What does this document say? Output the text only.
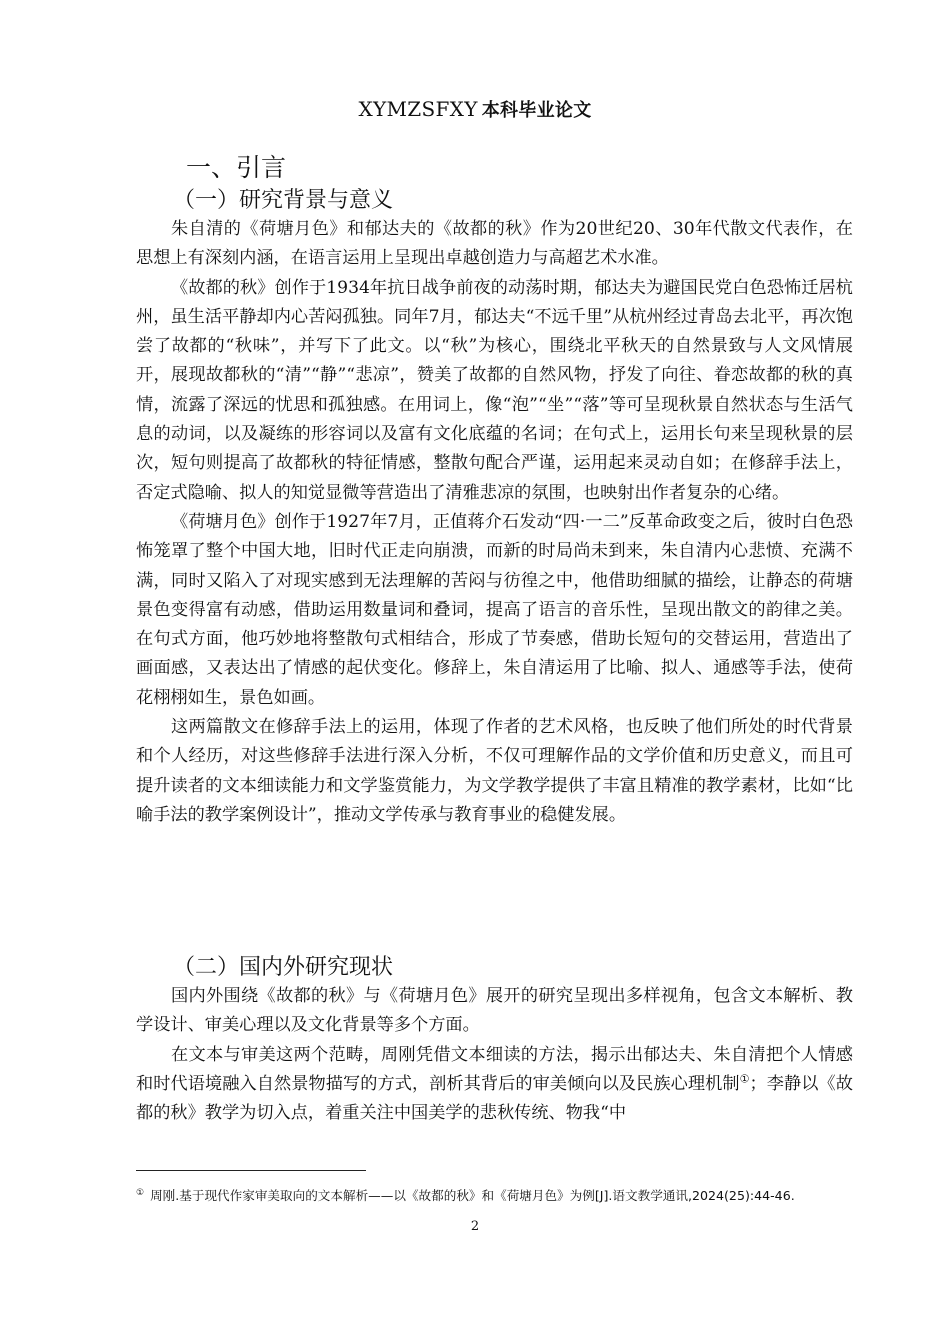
XYMZSFXY 本科毕业论文
一、引言
（一）研究背景与意义

朱自清的《荷塘月色》和郁达夫的《故都的秋》作为20世纪20、30年代散文代表作，在思想上有深刻内涵，在语言运用上呈现出卓越创造力与高超艺术水准。

《故都的秋》创作于1934年抗日战争前夜的动荡时期，郁达夫为避国民党白色恐怖迁居杭州，虽生活平静却内心苦闷孤独。同年7月，郁达夫“不远千里”从杭州经过青岛去北平，再次饱尝了故都的“秋味”，并写下了此文。以“秋”为核心，围绕北平秋天的自然景致与人文风情展开，展现故都秋的“清”“静”“悲凉”，赞美了故都的自然风物，抒发了向往、眷恋故都的秋的真情，流露了深远的忧思和孤独感。在用词上，像“泡”“坐”“落”等可呈现秋景自然状态与生活气息的动词，以及凝练的形容词以及富有文化底蕴的名词；在句式上，运用长句来呈现秋景的层次，短句则提高了故都秋的特征情感，整散句配合严谨，运用起来灵动自如；在修辞手法上，否定式隐喻、拟人的知觉显微等营造出了清雅悲凉的氛围，也映射出作者复杂的心绪。

《荷塘月色》创作于1927年7月，正值蒋介石发动“四·一二”反革命政变之后，彼时白色恐怖笼罩了整个中国大地，旧时代正走向崩溃，而新的时局尚未到来，朱自清内心悲愤、充满不满，同时又陷入了对现实感到无法理解的苦闷与彷徨之中，他借助细腻的描绘，让静态的荷塘景色变得富有动感，借助运用数量词和叠词，提高了语言的音乐性，呈现出散文的韵律之美。在句式方面，他巧妙地将整散句式相结合，形成了节奏感，借助长短句的交替运用，营造出了画面感，又表达出了情感的起伏变化。修辞上，朱自清运用了比喻、拟人、通感等手法，使荷花栩栩如生，景色如画。

这两篇散文在修辞手法上的运用，体现了作者的艺术风格，也反映了他们所处的时代背景和个人经历，对这些修辞手法进行深入分析，不仅可理解作品的文学价值和历史意义，而且可提升读者的文本细读能力和文学鉴赏能力，为文学教学提供了丰富且精准的教学素材，比如“比喻手法的教学案例设计”，推动文学传承与教育事业的稳健发展。

（二）国内外研究现状

国内外围绕《故都的秋》与《荷塘月色》展开的研究呈现出多样视角，包含文本解析、教学设计、审美心理以及文化背景等多个方面。

在文本与审美这两个范畴，周刚凭借文本细读的方法，揭示出郁达夫、朱自清把个人情感和时代语境融入自然景物描写的方式，剖析其背后的审美倾向以及民族心理机制①；李静以《故都的秋》教学为切入点，着重关注中国美学的悲秋传统、物我“中

① 周刚.基于现代作家审美取向的文本解析——以《故都的秋》和《荷塘月色》为例[J].语文教学通讯,2024(25):44-46.
2
